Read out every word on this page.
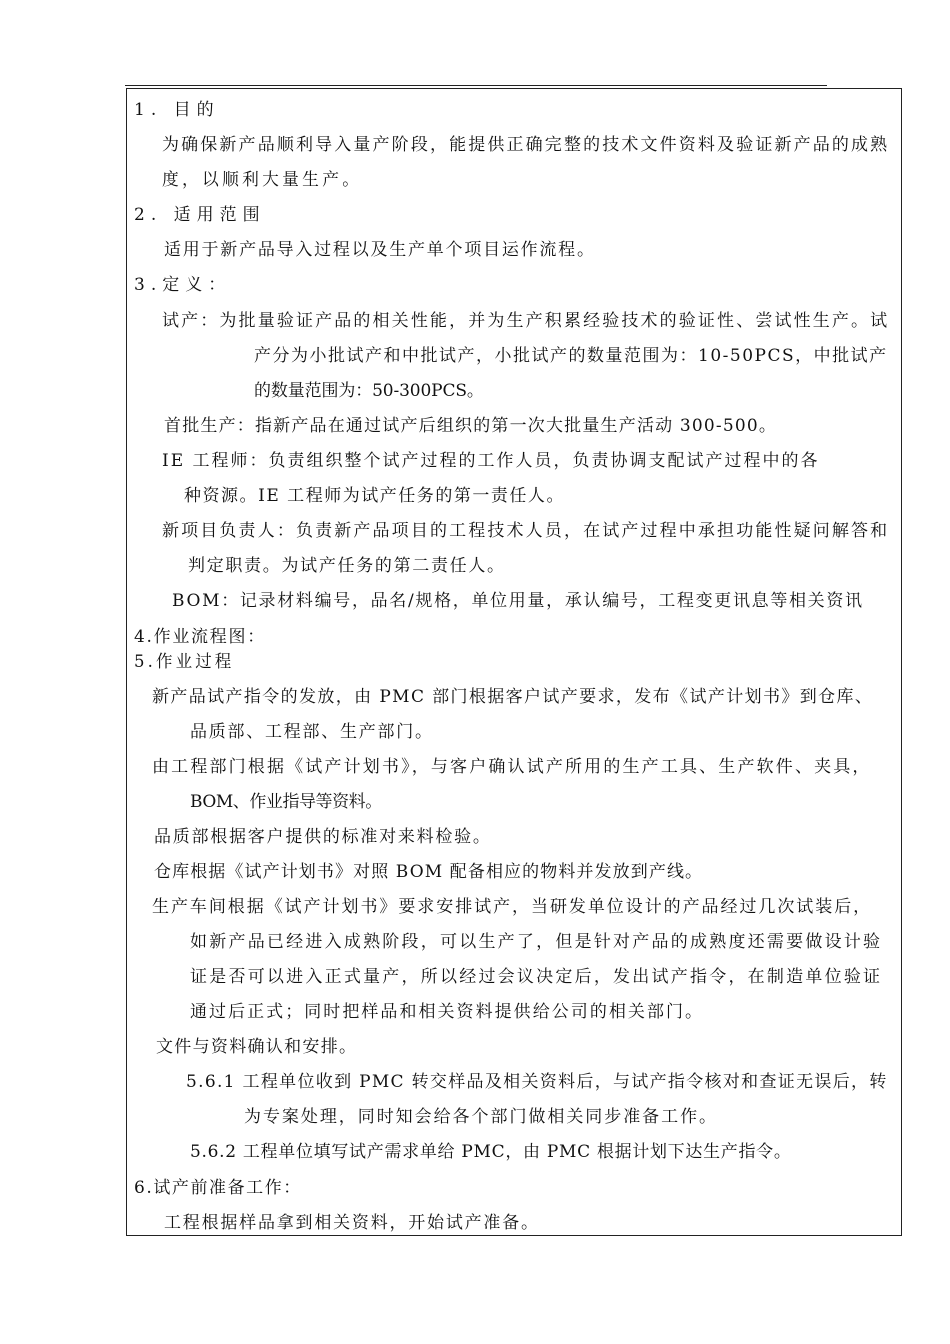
1. 目的
为确保新产品顺利导入量产阶段，能提供正确完整的技术文件资料及验证新产品的成熟
度，以顺利大量生产。
2. 适用范围
适用于新产品导入过程以及生产单个项目运作流程。
3.定义：
试产：为批量验证产品的相关性能，并为生产积累经验技术的验证性、尝试性生产。试
产分为小批试产和中批试产，小批试产的数量范围为：10-50PCS，中批试产
的数量范围为：50-300PCS。
首批生产：指新产品在通过试产后组织的第一次大批量生产活动 300-500。
IE 工程师：负责组织整个试产过程的工作人员，负责协调支配试产过程中的各
种资源。IE 工程师为试产任务的第一责任人。
新项目负责人：负责新产品项目的工程技术人员，在试产过程中承担功能性疑问解答和
判定职责。为试产任务的第二责任人。
BOM：记录材料编号，品名/规格，单位用量，承认编号，工程变更讯息等相关资讯
4.作业流程图：
5.作业过程
新产品试产指令的发放，由 PMC 部门根据客户试产要求，发布《试产计划书》到仓库、
品质部、工程部、生产部门。
由工程部门根据《试产计划书》，与客户确认试产所用的生产工具、生产软件、夹具，
BOM、作业指导等资料。
品质部根据客户提供的标准对来料检验。
仓库根据《试产计划书》对照 BOM 配备相应的物料并发放到产线。
生产车间根据《试产计划书》要求安排试产，当研发单位设计的产品经过几次试装后，
如新产品已经进入成熟阶段，可以生产了，但是针对产品的成熟度还需要做设计验
证是否可以进入正式量产，所以经过会议决定后，发出试产指令，在制造单位验证
通过后正式；同时把样品和相关资料提供给公司的相关部门。
文件与资料确认和安排。
5.6.1 工程单位收到 PMC 转交样品及相关资料后，与试产指令核对和查证无误后，转
为专案处理，同时知会给各个部门做相关同步准备工作。
5.6.2 工程单位填写试产需求单给 PMC，由 PMC 根据计划下达生产指令。
6.试产前准备工作：
工程根据样品拿到相关资料，开始试产准备。
